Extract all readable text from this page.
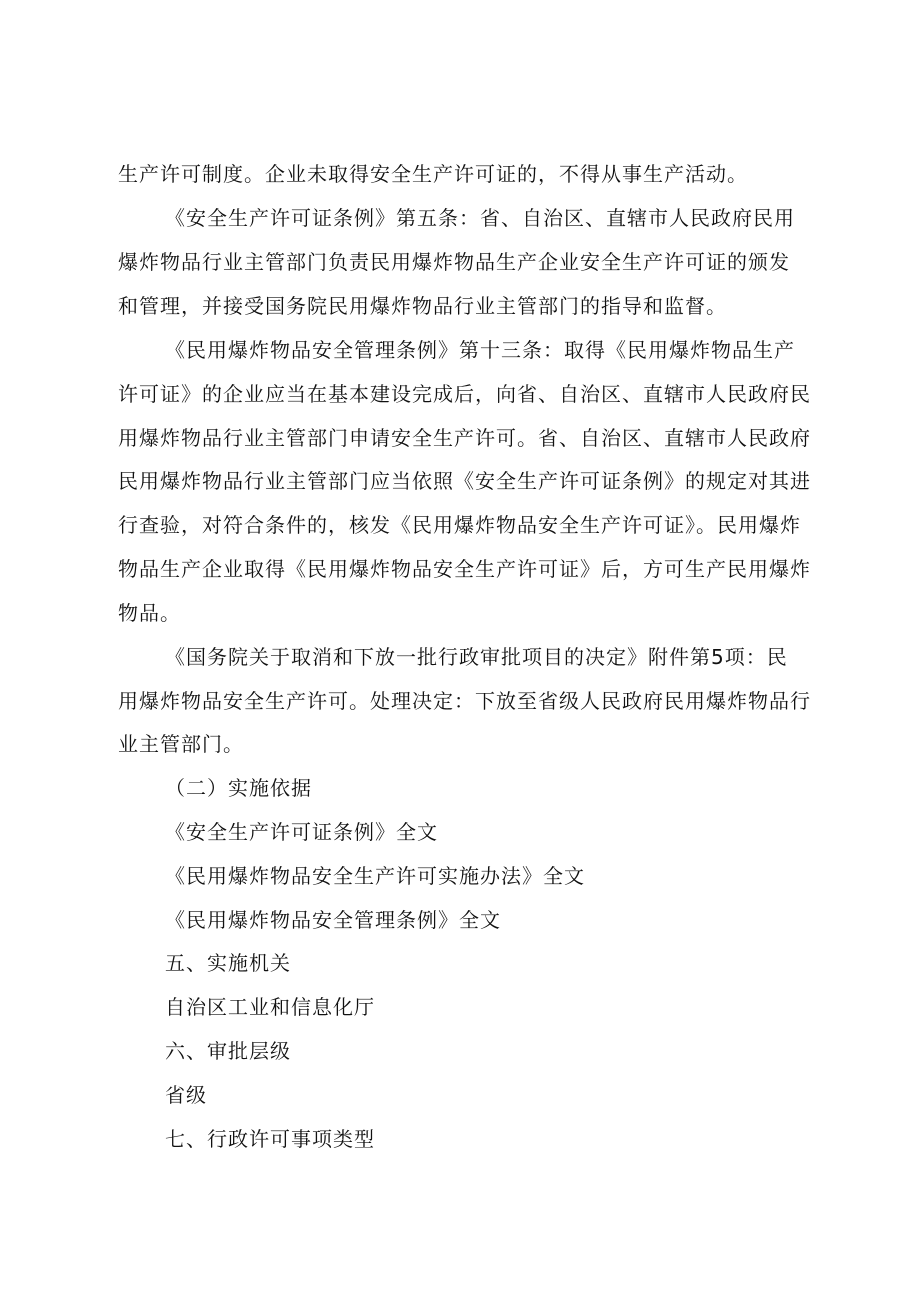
生产许可制度。企业未取得安全生产许可证的，不得从事生产活动。
《安全生产许可证条例》第五条：省、自治区、直辖市人民政府民用
爆炸物品行业主管部门负责民用爆炸物品生产企业安全生产许可证的颁发
和管理，并接受国务院民用爆炸物品行业主管部门的指导和监督。
《民用爆炸物品安全管理条例》第十三条：取得《民用爆炸物品生产
许可证》的企业应当在基本建设完成后，向省、自治区、直辖市人民政府民
用爆炸物品行业主管部门申请安全生产许可。省、自治区、直辖市人民政府
民用爆炸物品行业主管部门应当依照《安全生产许可证条例》的规定对其进
行查验，对符合条件的，核发《民用爆炸物品安全生产许可证》。民用爆炸
物品生产企业取得《民用爆炸物品安全生产许可证》后，方可生产民用爆炸
物品。
《国务院关于取消和下放一批行政审批项目的决定》附件第5项：民
用爆炸物品安全生产许可。处理决定：下放至省级人民政府民用爆炸物品行
业主管部门。
（二）实施依据
《安全生产许可证条例》全文
《民用爆炸物品安全生产许可实施办法》全文
《民用爆炸物品安全管理条例》全文
五、实施机关
自治区工业和信息化厅
六、审批层级
省级
七、行政许可事项类型
